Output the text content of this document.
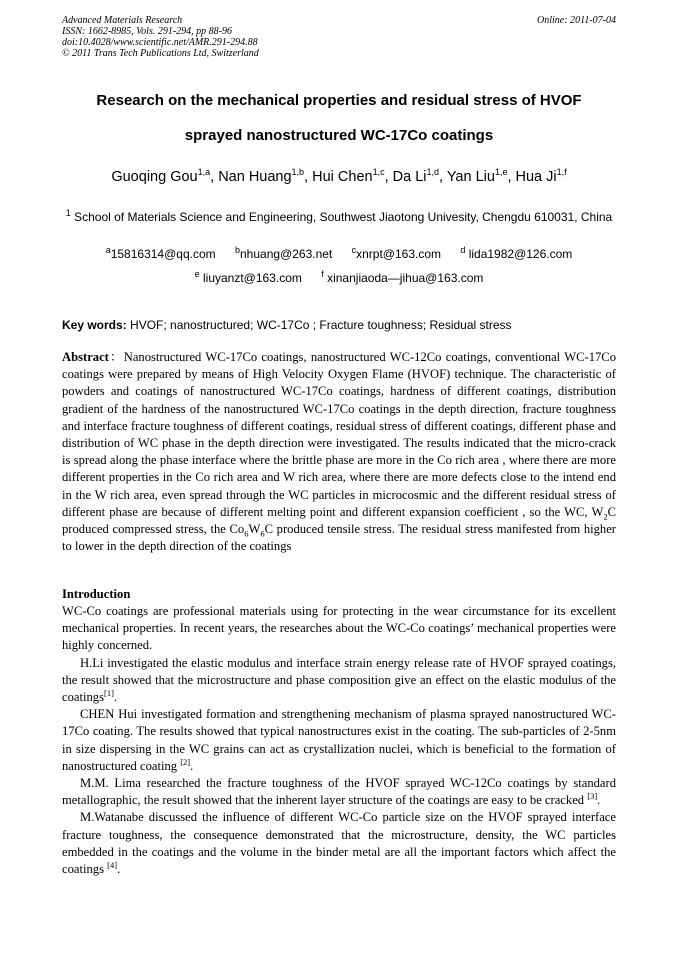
Advanced Materials Research
ISSN: 1662-8985, Vols. 291-294, pp 88-96
doi:10.4028/www.scientific.net/AMR.291-294.88
© 2011 Trans Tech Publications Ltd, Switzerland
Online: 2011-07-04
Research on the mechanical properties and residual stress of HVOF
sprayed nanostructured WC-17Co coatings
Guoqing Gou$^{1,a}$, Nan Huang$^{1,b}$, Hui Chen$^{1,c}$, Da Li$^{1,d}$, Yan Liu$^{1,e}$, Hua Ji$^{1,f}$
$^1$ School of Materials Science and Engineering, Southwest Jiaotong Univesity, Chengdu 610031, China
$^a$15816314@qq.com $^b$nhuang@263.net $^c$xnrpt@163.com $^d$ lida1982@126.com
$^e$ liuyanzt@163.com $^f$ xinanjiaoda—jihua@163.com
Key words: HVOF; nanostructured; WC-17Co ; Fracture toughness; Residual stress
Abstract：Nanostructured WC-17Co coatings, nanostructured WC-12Co coatings, conventional WC-17Co coatings were prepared by means of High Velocity Oxygen Flame (HVOF) technique. The characteristic of powders and coatings of nanostructured WC-17Co coatings, hardness of different coatings, distribution gradient of the hardness of the nanostructured WC-17Co coatings in the depth direction, fracture toughness and interface fracture toughness of different coatings, residual stress of different coatings, different phase and distribution of WC phase in the depth direction were investigated. The results indicated that the micro-crack is spread along the phase interface where the brittle phase are more in the Co rich area , where there are more different properties in the Co rich area and W rich area, where there are more defects close to the intend end in the W rich area, even spread through the WC particles in microcosmic and the different residual stress of different phase are because of different melting point and different expansion coefficient , so the WC, $W_2C$ produced compressed stress, the $Co_6W_6C$ produced tensile stress. The residual stress manifested from higher to lower in the depth direction of the coatings
Introduction

WC-Co coatings are professional materials using for protecting in the wear circumstance for its excellent mechanical properties. In recent years, the researches about the WC-Co coatings’ mechanical properties were highly concerned.

H.Li investigated the elastic modulus and interface strain energy release rate of HVOF sprayed coatings, the result showed that the microstructure and phase composition give an effect on the elastic modulus of the coatings[1].

CHEN Hui investigated formation and strengthening mechanism of plasma sprayed nanostructured WC-17Co coating. The results showed that typical nanostructures exist in the coating. The sub-particles of 2-5nm in size dispersing in the WC grains can act as crystallization nuclei, which is beneficial to the formation of nanostructured coating [2].

M.M. Lima researched the fracture toughness of the HVOF sprayed WC-12Co coatings by standard metallographic, the result showed that the inherent layer structure of the coatings are easy to be cracked [3].

M.Watanabe discussed the influence of different WC-Co particle size on the HVOF sprayed interface fracture toughness, the consequence demonstrated that the microstructure, density, the WC particles embedded in the coatings and the volume in the binder metal are all the important factors which affect the coatings [4].
